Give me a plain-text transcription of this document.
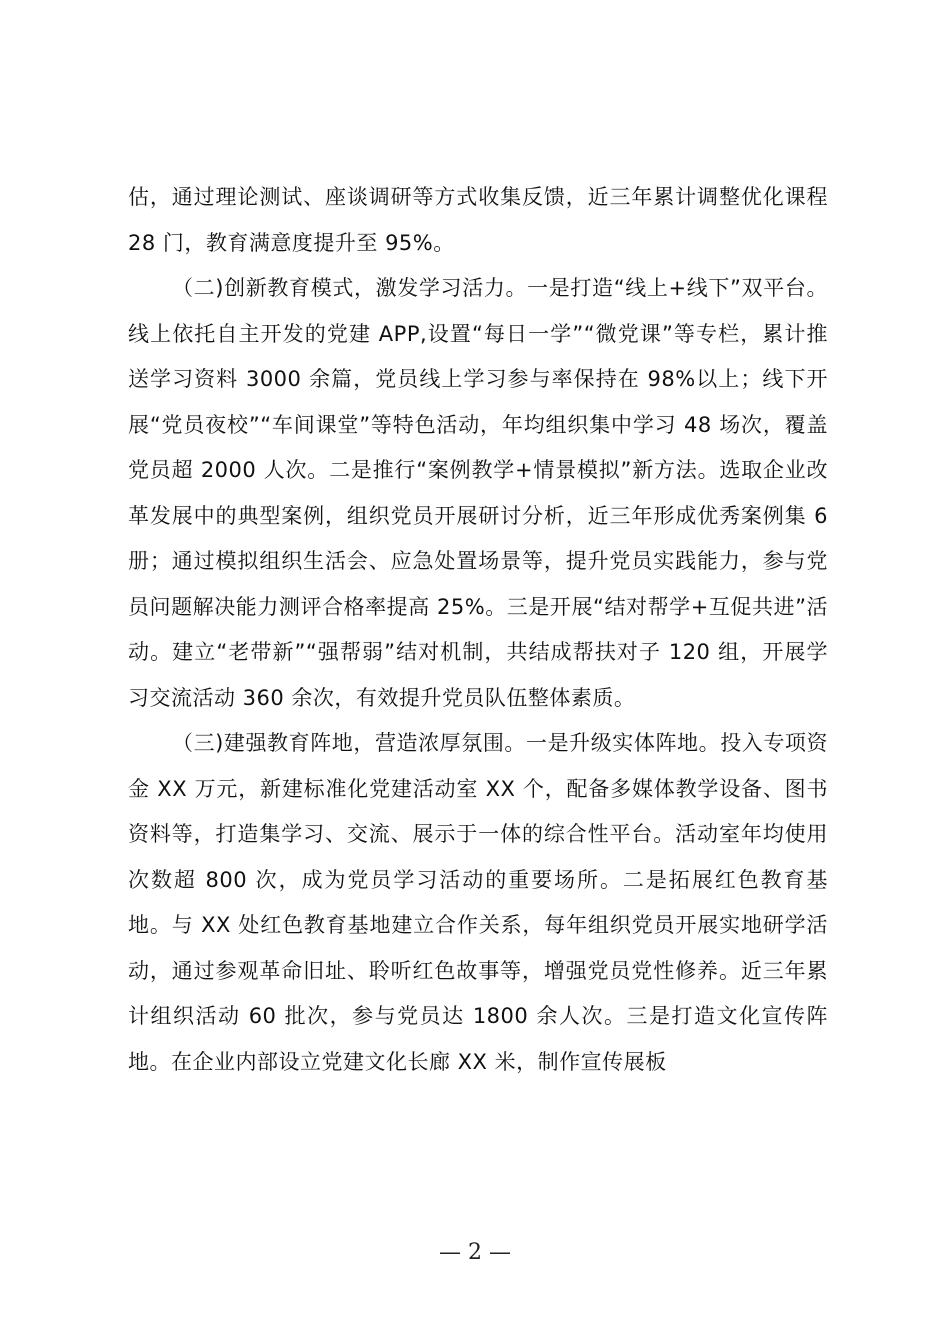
估，通过理论测试、座谈调研等方式收集反馈，近三年累计调整优化课程 28 门，教育满意度提升至 95%。

（二)创新教育模式，激发学习活力。一是打造“线上+线下”双平台。线上依托自主开发的党建 APP,设置“每日一学”“微党课”等专栏，累计推送学习资料 3000 余篇，党员线上学习参与率保持在 98%以上；线下开展“党员夜校”“车间课堂”等特色活动，年均组织集中学习 48 场次，覆盖党员超 2000 人次。二是推行“案例教学+情景模拟”新方法。选取企业改革发展中的典型案例，组织党员开展研讨分析，近三年形成优秀案例集 6 册；通过模拟组织生活会、应急处置场景等，提升党员实践能力，参与党员问题解决能力测评合格率提高 25%。三是开展“结对帮学+互促共进”活动。建立“老带新”“强帮弱”结对机制，共结成帮扶对子 120 组，开展学习交流活动 360 余次，有效提升党员队伍整体素质。

（三)建强教育阵地，营造浓厚氛围。一是升级实体阵地。投入专项资金 XX 万元，新建标准化党建活动室 XX 个，配备多媒体教学设备、图书资料等，打造集学习、交流、展示于一体的综合性平台。活动室年均使用次数超 800 次，成为党员学习活动的重要场所。二是拓展红色教育基地。与 XX 处红色教育基地建立合作关系，每年组织党员开展实地研学活动，通过参观革命旧址、聆听红色故事等，增强党员党性修养。近三年累计组织活动 60 批次，参与党员达 1800 余人次。三是打造文化宣传阵地。在企业内部设立党建文化长廊 XX 米，制作宣传展板

— 2 —
